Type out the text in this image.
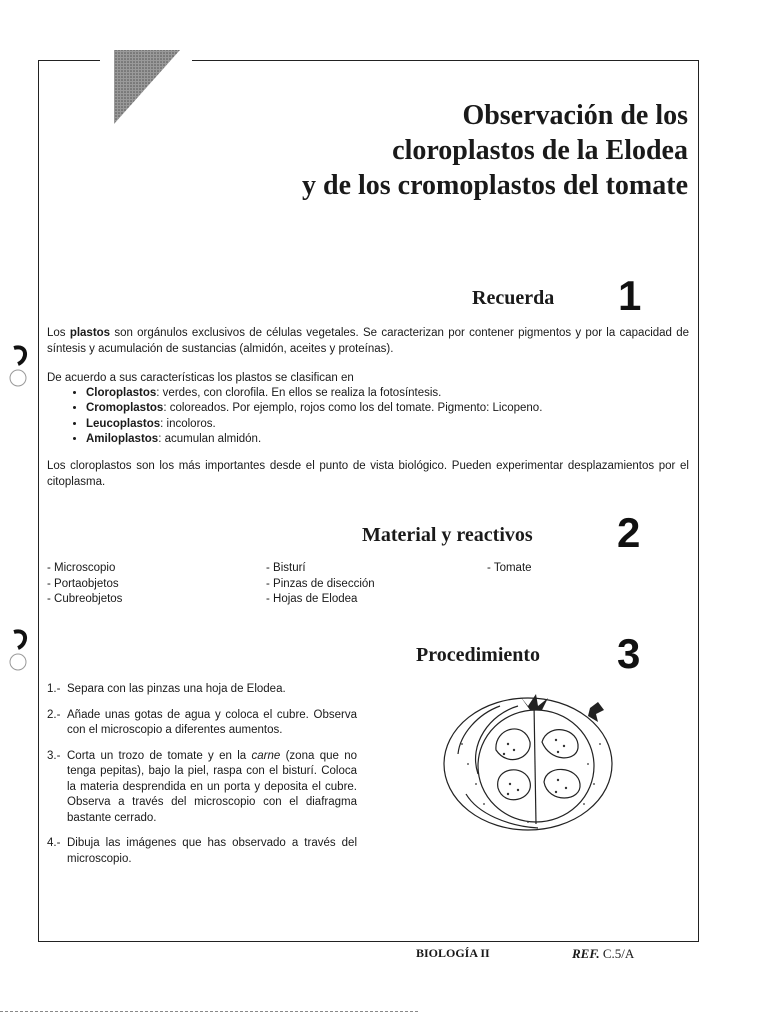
Observación de los
cloroplastos de la Elodea
y de los cromoplastos del tomate
Recuerda 1
Los plastos son orgánulos exclusivos de células vegetales. Se caracterizan por contener pigmentos y por la capacidad de síntesis y acumulación de sustancias (almidón, aceites y proteínas).
De acuerdo a sus características los plastos se clasifican en
• Cloroplastos: verdes, con clorofila. En ellos se realiza la fotosíntesis.
• Cromoplastos: coloreados. Por ejemplo, rojos como los del tomate. Pigmento: Licopeno.
• Leucoplastos: incoloros.
• Amiloplastos: acumulan almidón.
Los cloroplastos son los más importantes desde el punto de vista biológico. Pueden experimentar desplazamientos por el citoplasma.
Material y reactivos 2
- Microscopio
- Portaobjetos
- Cubreobjetos
- Bisturí
- Pinzas de disección
- Hojas de Elodea
- Tomate
Procedimiento 3
1.- Separa con las pinzas una hoja de Elodea.
2.- Añade unas gotas de agua y coloca el cubre. Observa con el microscopio a diferentes aumentos.
3.- Corta un trozo de tomate y en la carne (zona que no tenga pepitas), bajo la piel, raspa con el bisturí. Coloca la materia desprendida en un porta y deposita el cubre. Observa a través del microscopio con el diafragma bastante cerrado.
4.- Dibuja las imágenes que has observado a través del microscopio.
BIOLOGÍA II	REF. C.5/A
